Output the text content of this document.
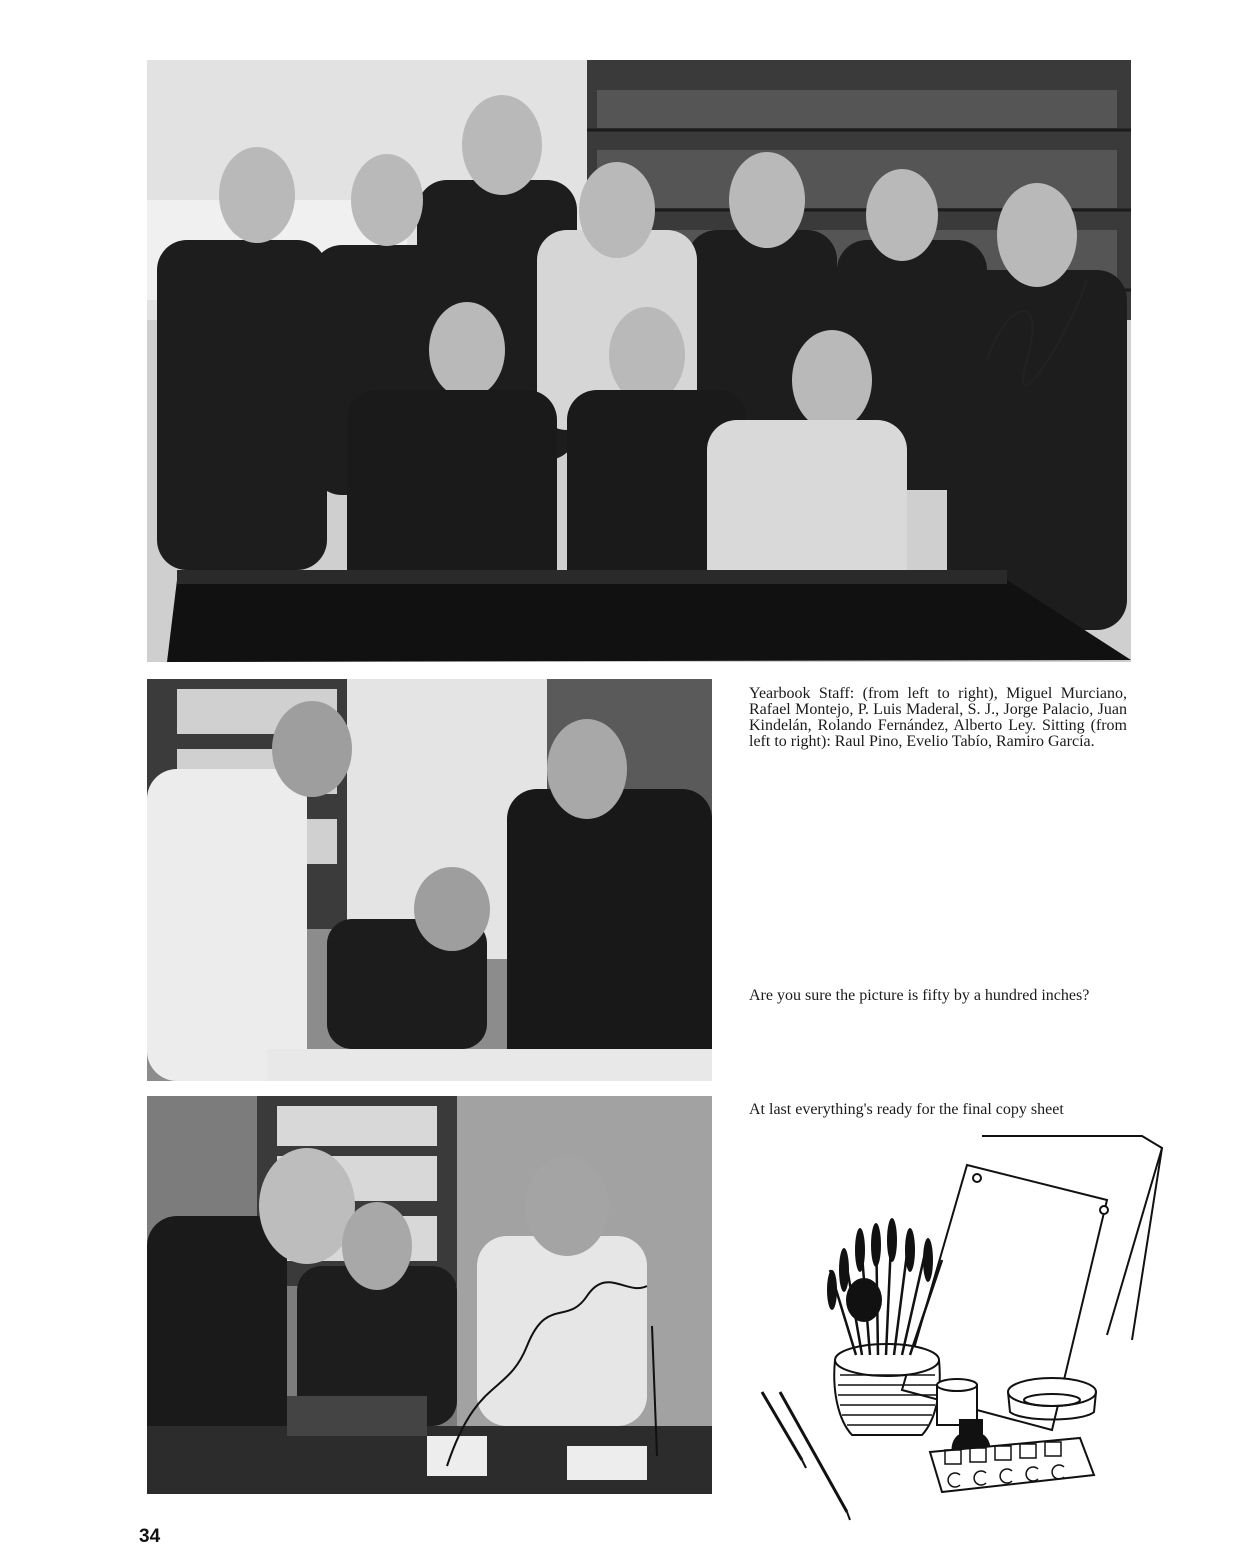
Yearbook Staff: (from left to right), Miguel Murciano, Rafael Montejo, P. Luis Maderal, S. J., Jorge Palacio, Juan Kindelán, Rolando Fernández, Alberto Ley. Sitting (from left to right): Raul Pino, Evelio Tabío, Ramiro García.

Are you sure the picture is fifty by a hundred inches?

At last everything's ready for the final copy sheet

34
